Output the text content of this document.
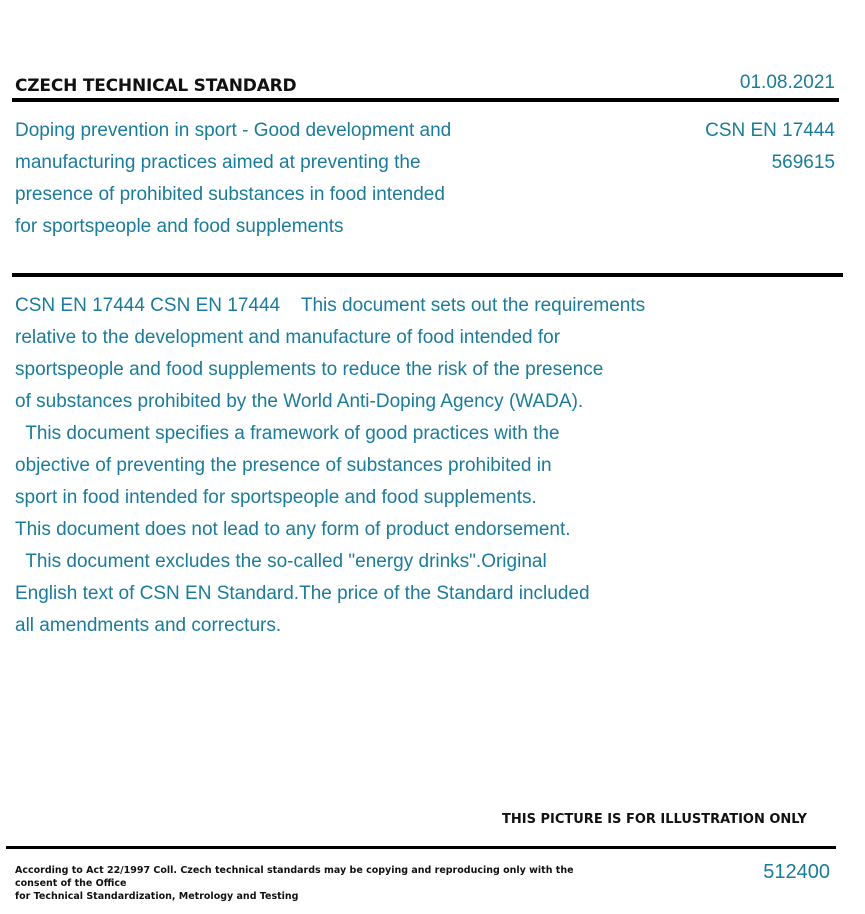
CZECH TECHNICAL STANDARD	01.08.2021
Doping prevention in sport - Good development and
manufacturing practices aimed at preventing the
presence of prohibited substances in food intended
for sportspeople and food supplements
CSN EN 17444
569615

CSN EN 17444 CSN EN 17444    This document sets out the requirements

relative to the development and manufacture of food intended for

sportspeople and food supplements to reduce the risk of the presence

of substances prohibited by the World Anti-Doping Agency (WADA).

This document specifies a framework of good practices with the

objective of preventing the presence of substances prohibited in

sport in food intended for sportspeople and food supplements.

This document does not lead to any form of product endorsement.

This document excludes the so-called "energy drinks".Original

English text of CSN EN Standard.The price of the Standard included

all amendments and correcturs.

THIS PICTURE IS FOR ILLUSTRATION ONLY
According to Act 22/1997 Coll. Czech technical standards may be copying and reproducing only with the consent of the Office
for Technical Standardization, Metrology and Testing
512400
